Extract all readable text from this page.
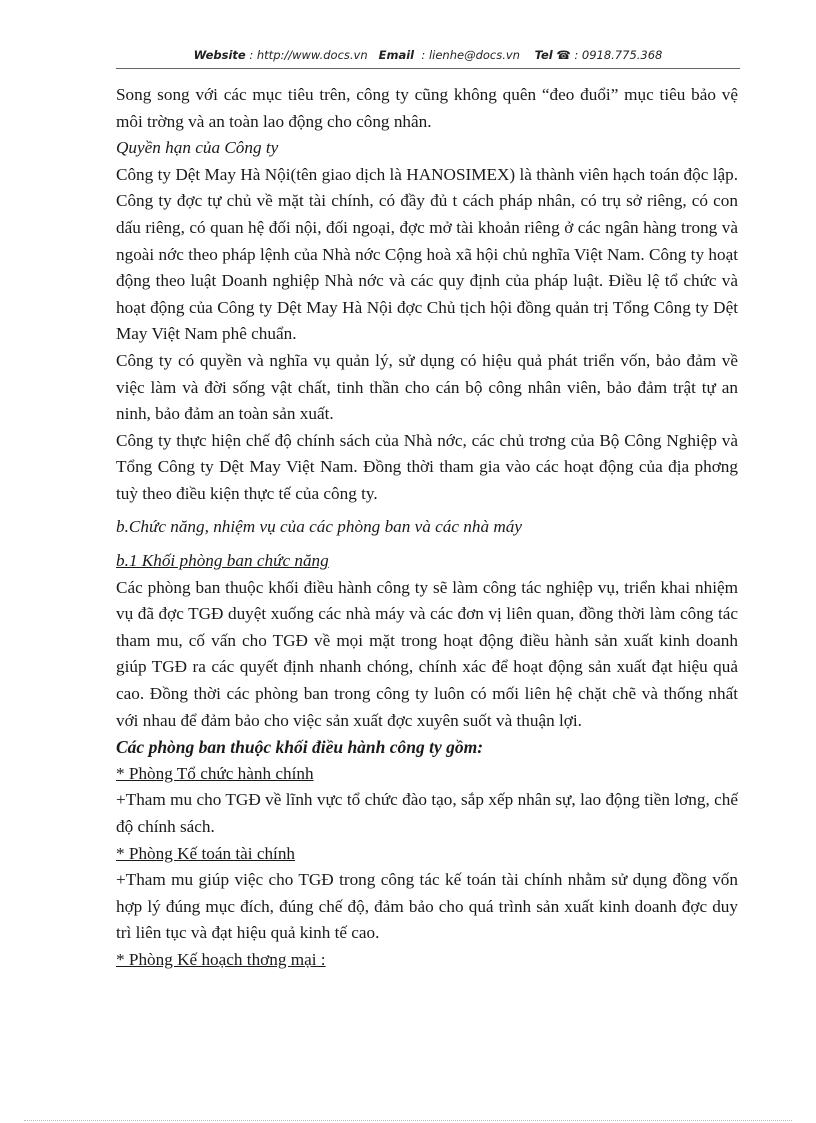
Website : http://www.docs.vn Email : lienhe@docs.vn Tel ☎ : 0918.775.368

Song song với các mục tiêu trên, công ty cũng không quên “đeo đuổi” mục tiêu bảo vệ môi trờng và an toàn lao động cho công nhân.

Quyền hạn của Công ty

Công ty Dệt May Hà Nội(tên giao dịch là HANOSIMEX) là thành viên hạch toán độc lập. Công ty đợc tự chủ về mặt tài chính, có đầy đủ t cách pháp nhân, có trụ sở riêng, có con dấu riêng, có quan hệ đối nội, đối ngoại, đợc mở tài khoản riêng ở các ngân hàng trong và ngoài nớc theo pháp lệnh của Nhà nớc Cộng hoà xã hội chủ nghĩa Việt Nam. Công ty hoạt động theo luật Doanh nghiệp Nhà nớc và các quy định của pháp luật. Điều lệ tổ chức và hoạt động của Công ty Dệt May Hà Nội đợc Chủ tịch hội đồng quản trị Tổng Công ty Dệt May Việt Nam phê chuẩn.

Công ty có quyền và nghĩa vụ quản lý, sử dụng có hiệu quả phát triển vốn, bảo đảm về việc làm và đời sống vật chất, tinh thần cho cán bộ công nhân viên, bảo đảm trật tự an ninh, bảo đảm an toàn sản xuất.

Công ty thực hiện chế độ chính sách của Nhà nớc, các chủ trơng của Bộ Công Nghiệp và Tổng Công ty Dệt May Việt Nam. Đồng thời tham gia vào các hoạt động của địa phơng tuỳ theo điều kiện thực tế của công ty.

b.Chức năng, nhiệm vụ của các phòng ban và các nhà máy

b.1 Khối phòng ban chức năng

Các phòng ban thuộc khối điều hành công ty sẽ làm công tác nghiệp vụ, triển khai nhiệm vụ đã đợc TGĐ duyệt xuống các nhà máy và các đơn vị liên quan, đồng thời làm công tác tham mu, cố vấn cho TGĐ về mọi mặt trong hoạt động điều hành sản xuất kinh doanh giúp TGĐ ra các quyết định nhanh chóng, chính xác để hoạt động sản xuất đạt hiệu quả cao. Đồng thời các phòng ban trong công ty luôn có mối liên hệ chặt chẽ và thống nhất với nhau để đảm bảo cho việc sản xuất đợc xuyên suốt và thuận lợi.

Các phòng ban thuộc khối điều hành công ty gồm:

* Phòng Tổ chức hành chính

+Tham mu cho TGĐ về lĩnh vực tổ chức đào tạo, sắp xếp nhân sự, lao động tiền lơng, chế độ chính sách.

* Phòng Kế toán tài chính

+Tham mu giúp việc cho TGĐ trong công tác kế toán tài chính nhằm sử dụng đồng vốn hợp lý đúng mục đích, đúng chế độ, đảm bảo cho quá trình sản xuất kinh doanh đợc duy trì liên tục và đạt hiệu quả kinh tế cao.

* Phòng Kế hoạch thơng mại :
